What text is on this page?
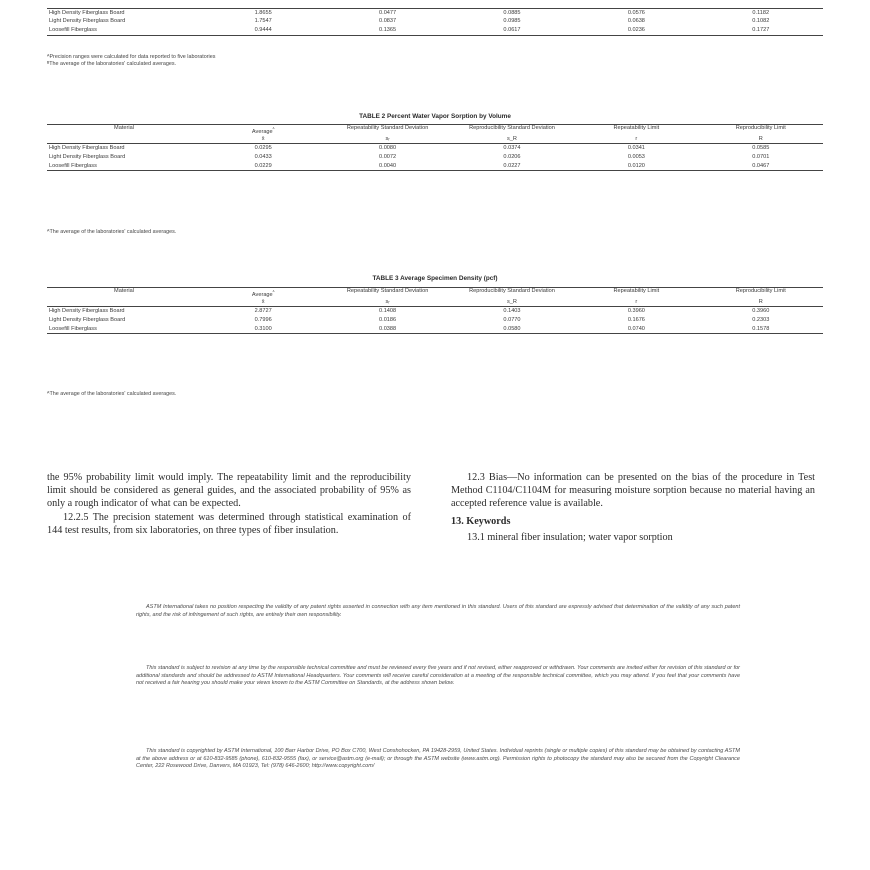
High Density Fiberglass Board	1.8655	0.0477	0.0885	0.0576	0.1182
Light Density Fiberglass Board	1.7547	0.0837	0.0985	0.0638	0.1082
Loosefill Fiberglass	0.9444	0.1365	0.0617	0.0236	0.1727
ᴬPrecision ranges were calculated for data reported to five laboratories
ᴮThe average of the laboratories' calculated averages.
TABLE 2 Percent Water Vapor Sorption by Volume
Material	Average$^ᴬ$	Repeatability Standard Deviation	Reproducibility Standard Deviation	Repeatability Limit	Reproducibility Limit
	x̄	sᵣ	s_R	r	R
High Density Fiberglass Board	0.0295	0.0080	0.0374	0.0341	0.0585
Light Density Fiberglass Board	0.0433	0.0072	0.0206	0.0053	0.0701
Loosefill Fiberglass	0.0229	0.0040	0.0227	0.0120	0.0467
ᴬThe average of the laboratories' calculated averages.
TABLE 3 Average Specimen Density (pcf)
Material	Average$^ᴬ$	Repeatability Standard Deviation	Reproducibility Standard Deviation	Repeatability Limit	Reproducibility Limit
	x̄	sᵣ	s_R	r	R
High Density Fiberglass Board	2.8727	0.1408	0.1403	0.3960	0.3960
Light Density Fiberglass Board	0.7996	0.0186	0.0770	0.1676	0.2303
Loosefill Fiberglass	0.3100	0.0388	0.0580	0.0740	0.1578
ᴬThe average of the laboratories' calculated averages.

the 95% probability limit would imply. The repeatability limit and the reproducibility limit should be considered as general guides, and the associated probability of 95% as only a rough indicator of what can be expected.

12.2.5 The precision statement was determined through statistical examination of 144 test results, from six laboratories, on three types of fiber insulation.

12.3 Bias—No information can be presented on the bias of the procedure in Test Method C1104/C1104M for measuring moisture sorption because no material having an accepted reference value is available.

13. Keywords

13.1 mineral fiber insulation; water vapor sorption

ASTM International takes no position respecting the validity of any patent rights asserted in connection with any item mentioned in this standard. Users of this standard are expressly advised that determination of the validity of any such patent rights, and the risk of infringement of such rights, are entirely their own responsibility.

This standard is subject to revision at any time by the responsible technical committee and must be reviewed every five years and if not revised, either reapproved or withdrawn. Your comments are invited either for revision of this standard or for additional standards and should be addressed to ASTM International Headquarters. Your comments will receive careful consideration at a meeting of the responsible technical committee, which you may attend. If you feel that your comments have not received a fair hearing you should make your views known to the ASTM Committee on Standards, at the address shown below.

This standard is copyrighted by ASTM International, 100 Barr Harbor Drive, PO Box C700, West Conshohocken, PA 19428-2959, United States. Individual reprints (single or multiple copies) of this standard may be obtained by contacting ASTM at the above address or at 610-832-9585 (phone), 610-832-9555 (fax), or service@astm.org (e-mail); or through the ASTM website (www.astm.org). Permission rights to photocopy the standard may also be secured from the Copyright Clearance Center, 222 Rosewood Drive, Danvers, MA 01923, Tel: (978) 646-2600; http://www.copyright.com/
